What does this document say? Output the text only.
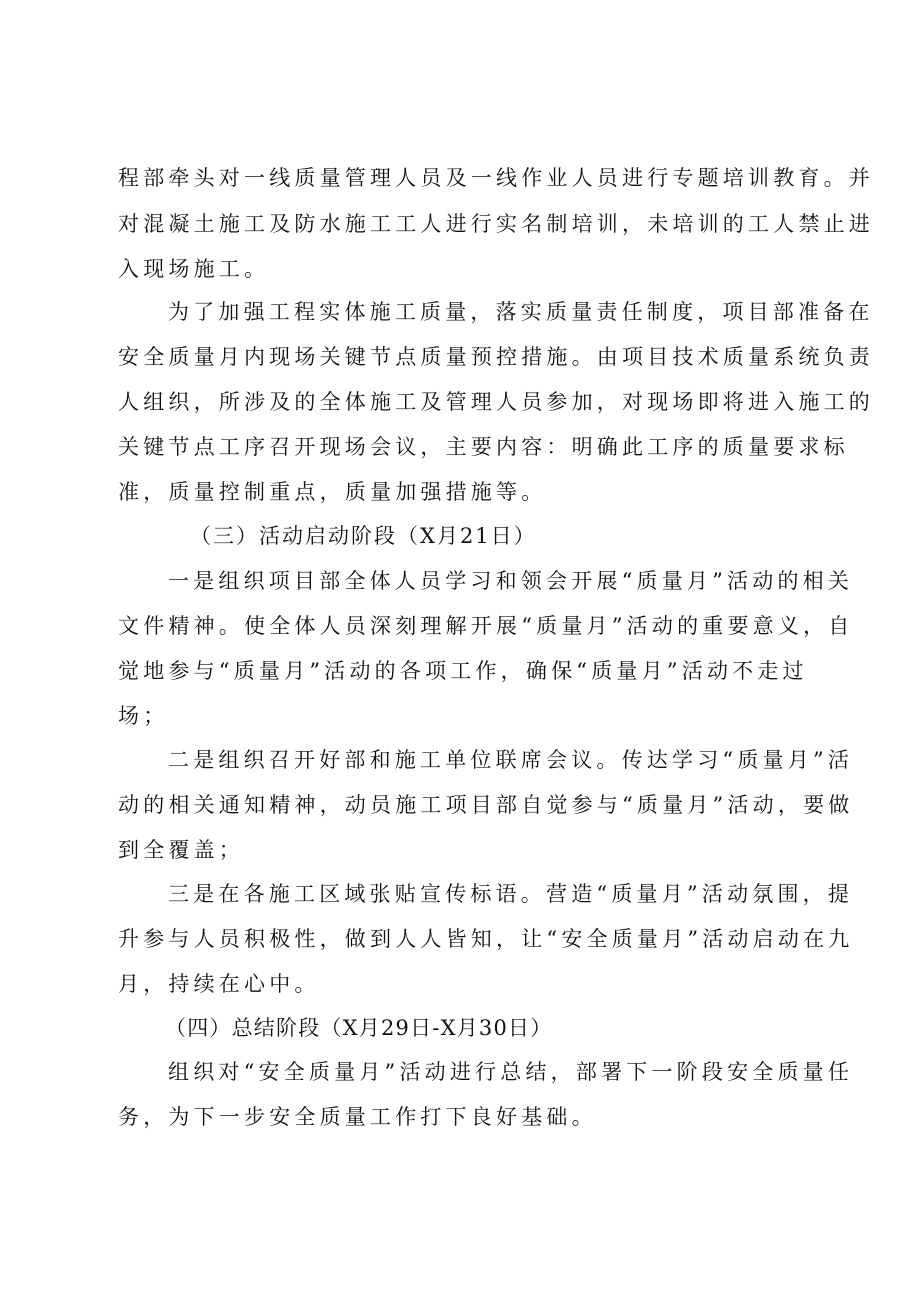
程部牵头对一线质量管理人员及一线作业人员进行专题培训教育。并

对混凝土施工及防水施工工人进行实名制培训，未培训的工人禁止进

入现场施工。

为了加强工程实体施工质量，落实质量责任制度，项目部准备在

安全质量月内现场关键节点质量预控措施。由项目技术质量系统负责

人组织，所涉及的全体施工及管理人员参加，对现场即将进入施工的

关键节点工序召开现场会议，主要内容：明确此工序的质量要求标

准，质量控制重点，质量加强措施等。

（三）活动启动阶段（X月21日）

一是组织项目部全体人员学习和领会开展“质量月”活动的相关

文件精神。使全体人员深刻理解开展“质量月”活动的重要意义，自

觉地参与“质量月”活动的各项工作，确保“质量月”活动不走过

场；

二是组织召开好部和施工单位联席会议。传达学习“质量月”活

动的相关通知精神，动员施工项目部自觉参与“质量月”活动，要做

到全覆盖；

三是在各施工区域张贴宣传标语。营造“质量月”活动氛围，提

升参与人员积极性，做到人人皆知，让“安全质量月”活动启动在九

月，持续在心中。

（四）总结阶段（X月29日-X月30日）

组织对“安全质量月”活动进行总结，部署下一阶段安全质量任

务，为下一步安全质量工作打下良好基础。
